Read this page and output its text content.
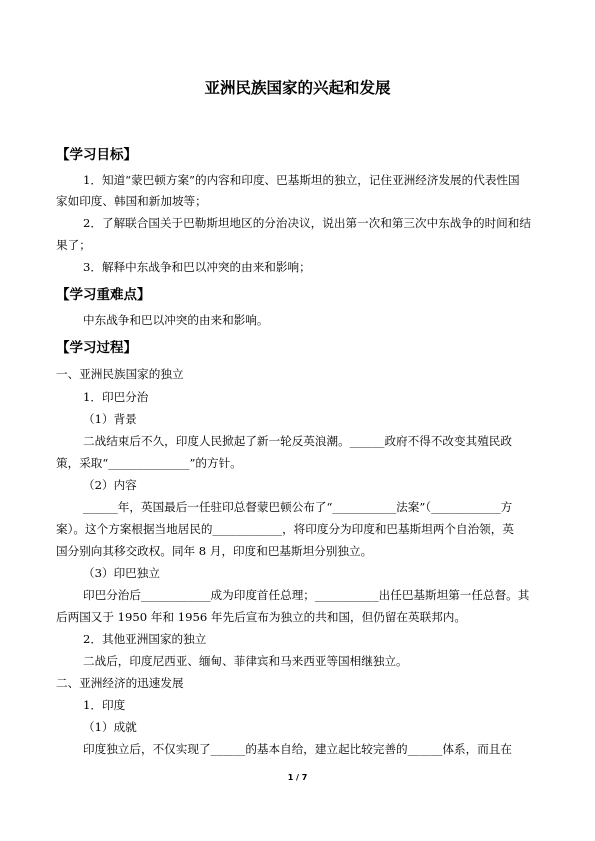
亚洲民族国家的兴起和发展
【学习目标】
1．知道“蒙巴顿方案”的内容和印度、巴基斯坦的独立，记住亚洲经济发展的代表性国
家如印度、韩国和新加坡等；
2．了解联合国关于巴勒斯坦地区的分治决议，说出第一次和第三次中东战争的时间和结
果了；
3．解释中东战争和巴以冲突的由来和影响；
【学习重难点】
中东战争和巴以冲突的由来和影响。
【学习过程】
一、亚洲民族国家的独立
1．印巴分治
（1）背景
二战结束后不久，印度人民掀起了新一轮反英浪潮。______政府不得不改变其殖民政
策，采取“______________”的方针。
（2）内容
______年，英国最后一任驻印总督蒙巴顿公布了“___________法案”（____________方
案）。这个方案根据当地居民的____________，将印度分为印度和巴基斯坦两个自治领，英
国分别向其移交政权。同年 8 月，印度和巴基斯坦分别独立。
（3）印巴独立
印巴分治后____________成为印度首任总理；___________出任巴基斯坦第一任总督。其
后两国又于 1950 年和 1956 年先后宣布为独立的共和国，但仍留在英联邦内。
2．其他亚洲国家的独立
二战后，印度尼西亚、缅甸、菲律宾和马来西亚等国相继独立。
二、亚洲经济的迅速发展
1．印度
（1）成就
印度独立后，不仅实现了______的基本自给，建立起比较完善的______体系，而且在
1 / 7
